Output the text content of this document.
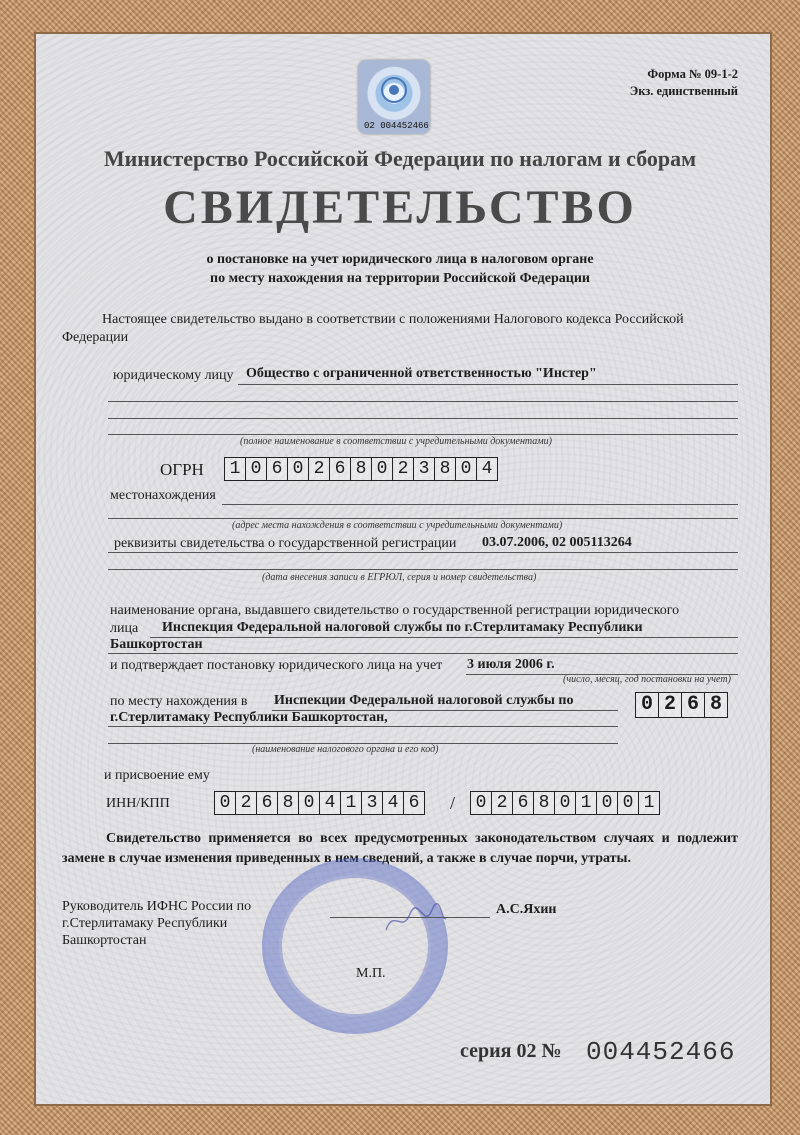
Форма № 09-1-2
Экз. единственный
02 004452466
Министерство Российской Федерации по налогам и сборам
СВИДЕТЕЛЬСТВО
о постановке на учет юридического лица в налоговом органе
по месту нахождения на территории Российской Федерации
Настоящее свидетельство выдано в соответствии с положениями Налогового кодекса Российской
Федерации
юридическому лицу Общество с ограниченной ответственностью "Инстер"
(полное наименование в соответствии с учредительными документами)
ОГРН	1 0 6 0 2 6 8 0 2 3 8 0 4
местонахождения
(адрес места нахождения в соответствии с учредительными документами)
реквизиты свидетельства о государственной регистрации 03.07.2006, 02 005113264
(дата внесения записи в ЕГРЮЛ, серия и номер свидетельства)
наименование органа, выдавшего свидетельство о государственной регистрации юридического
лица Инспекция Федеральной налоговой службы по г.Стерлитамаку Республики
Башкортостан
и подтверждает постановку юридического лица на учет 3 июля 2006 г.
(число, месяц, год постановки на учет)
по месту нахождения в Инспекции Федеральной налоговой службы по
г.Стерлитамаку Республики Башкортостан,
(наименование налогового органа и его код)
0 2 6 8
и присвоение ему
ИНН/КПП	0 2 6 8 0 4 1 3 4 6	/	0 2 6 8 0 1 0 0 1
Свидетельство применяется во всех предусмотренных законодательством случаях и подлежит замене в случае изменения приведенных в нем сведений, а также в случае порчи, утраты.
Руководитель ИФНС России по
г.Стерлитамаку Республики
Башкортостан
А.С.Яхин
М.П.
серия 02 № 004452466
